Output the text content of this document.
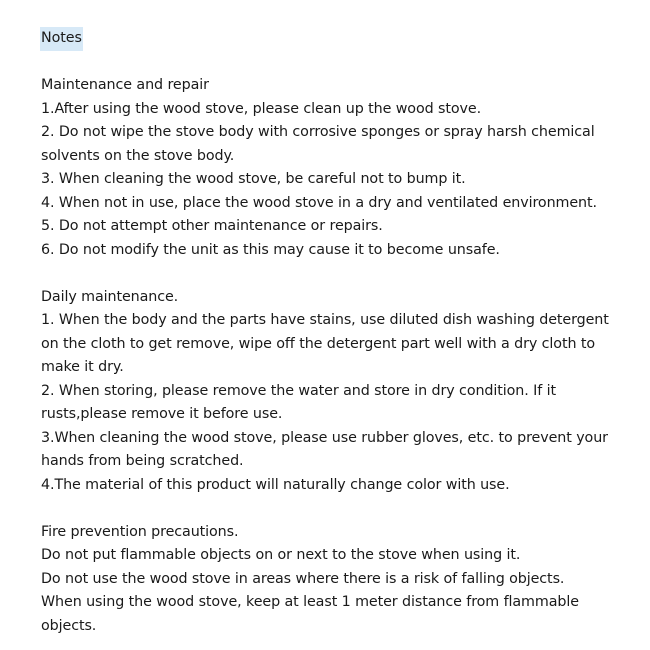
Notes
Maintenance and repair
1.After using the wood stove, please clean up the wood stove.
2. Do not wipe the stove body with corrosive sponges or spray harsh chemical
solvents on the stove body.
3. When cleaning the wood stove, be careful not to bump it.
4. When not in use, place the wood stove in a dry and ventilated environment.
5. Do not attempt other maintenance or repairs.
6. Do not modify the unit as this may cause it to become unsafe.
Daily maintenance.
1. When the body and the parts have stains, use diluted dish washing detergent
on the cloth to get remove, wipe off the detergent part well with a dry cloth to
make it dry.
2. When storing, please remove the water and store in dry condition. If it
rusts,please remove it before use.
3.When cleaning the wood stove, please use rubber gloves, etc. to prevent your
hands from being scratched.
4.The material of this product will naturally change color with use.
Fire prevention precautions.
Do not put flammable objects on or next to the stove when using it.
Do not use the wood stove in areas where there is a risk of falling objects.
When using the wood stove, keep at least 1 meter distance from flammable
objects.
